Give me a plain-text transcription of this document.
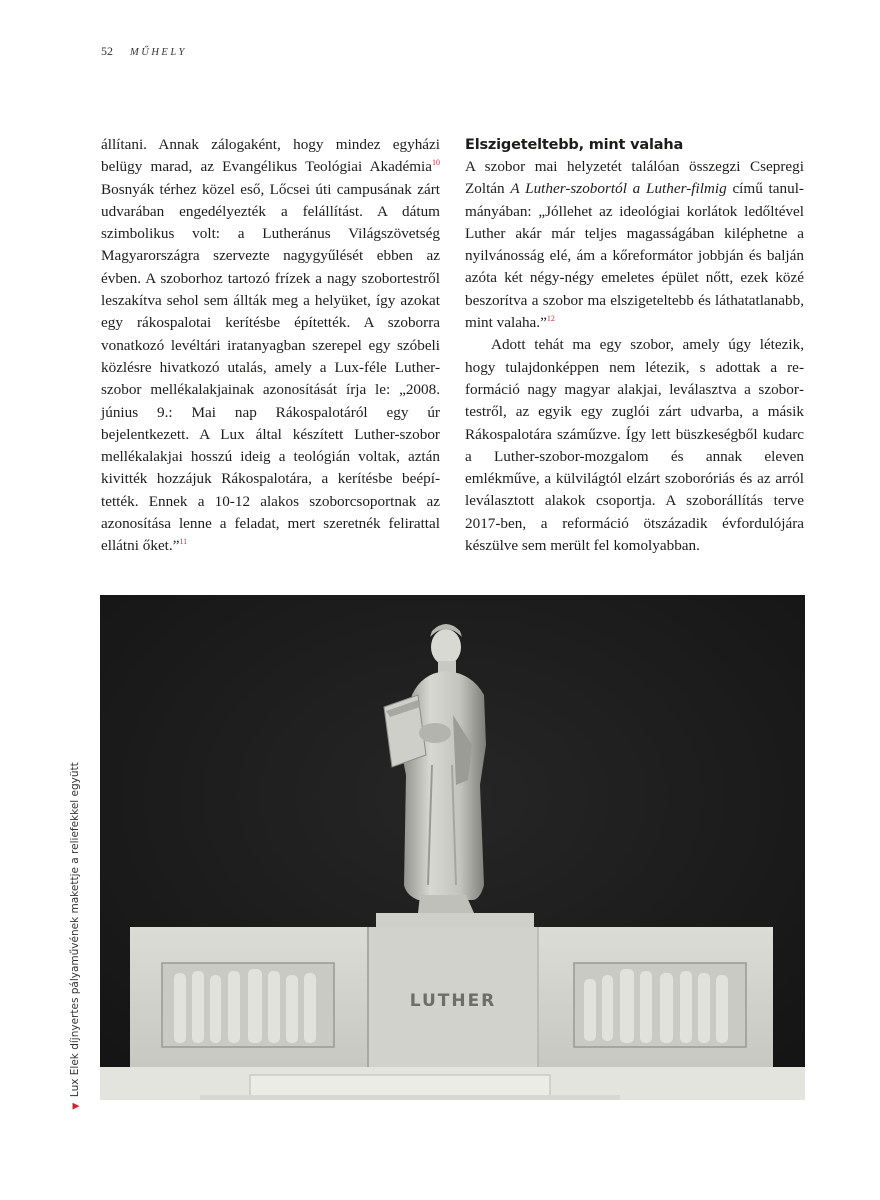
52 MŰHELY

állítani. Annak zálogaként, hogy mindez egyházi belügy marad, az Evangélikus Teológiai Akadémia$^{10}$ Bosnyák térhez közel eső, Lőcsei úti campusának zárt udvarában engedélyezték a felállítást. A dátum szimbolikus volt: a Lutheránus Világszövetség Magyarországra szervezte nagygyűlését ebben az évben. A szoborhoz tartozó frízek a nagy szobortestről leszakítva sehol sem állták meg a helyüket, így azokat egy rákospalotai kerítésbe építették. A szoborra vonatkozó levéltári iratanyagban szerepel egy szóbeli közlésre hivatkozó utalás, amely a Lux-féle Luther-szobor mellékalakjainak azonosítását írja le: „2008. június 9.: Mai nap Rákospalotáról egy úr bejelentkezett. A Lux által készített Luther-szobor mellékalakjai hosszú ideig a teológián voltak, aztán kivitték hozzájuk Rákospalotára, a kerítésbe beépítették. Ennek a 10-12 alakos szoborcsoportnak az azonosítása lenne a feladat, mert szeretnék felirattal ellátni őket.”$^{11}$

Elszigeteltebb, mint valaha

A szobor mai helyzetét találóan összegzi Csepregi Zoltán A Luther-szobortól a Luther-filmig című tanulmányában: „Jóllehet az ideológiai korlátok ledőltével Luther akár már teljes magasságában kiléphetne a nyilvánosság elé, ám a kőreformátor jobbján és balján azóta két négy-négy emeletes épület nőtt, ezek közé beszorítva a szobor ma elszigeteltebb és láthatatlanabb, mint valaha.”$^{12}$

Adott tehát ma egy szobor, amely úgy létezik, hogy tulajdonképpen nem létezik, s adottak a reformáció nagy magyar alakjai, leválasztva a szobortestről, az egyik egy zuglói zárt udvarba, a másik Rákospalotára száműzve. Így lett büszkeségből kudarc a Luther-szobor-mozgalom és annak eleven emlékműve, a külvilágtól elzárt szoboróriás és az arról leválasztott alakok csoportja. A szoborállítás terve 2017-ben, a reformáció ötszázadik évfordulójára készülve sem merült fel komolyabban.

LUTHER
▶Lux Elek díjnyertes pályaművének makettje a reliefekkel együtt
